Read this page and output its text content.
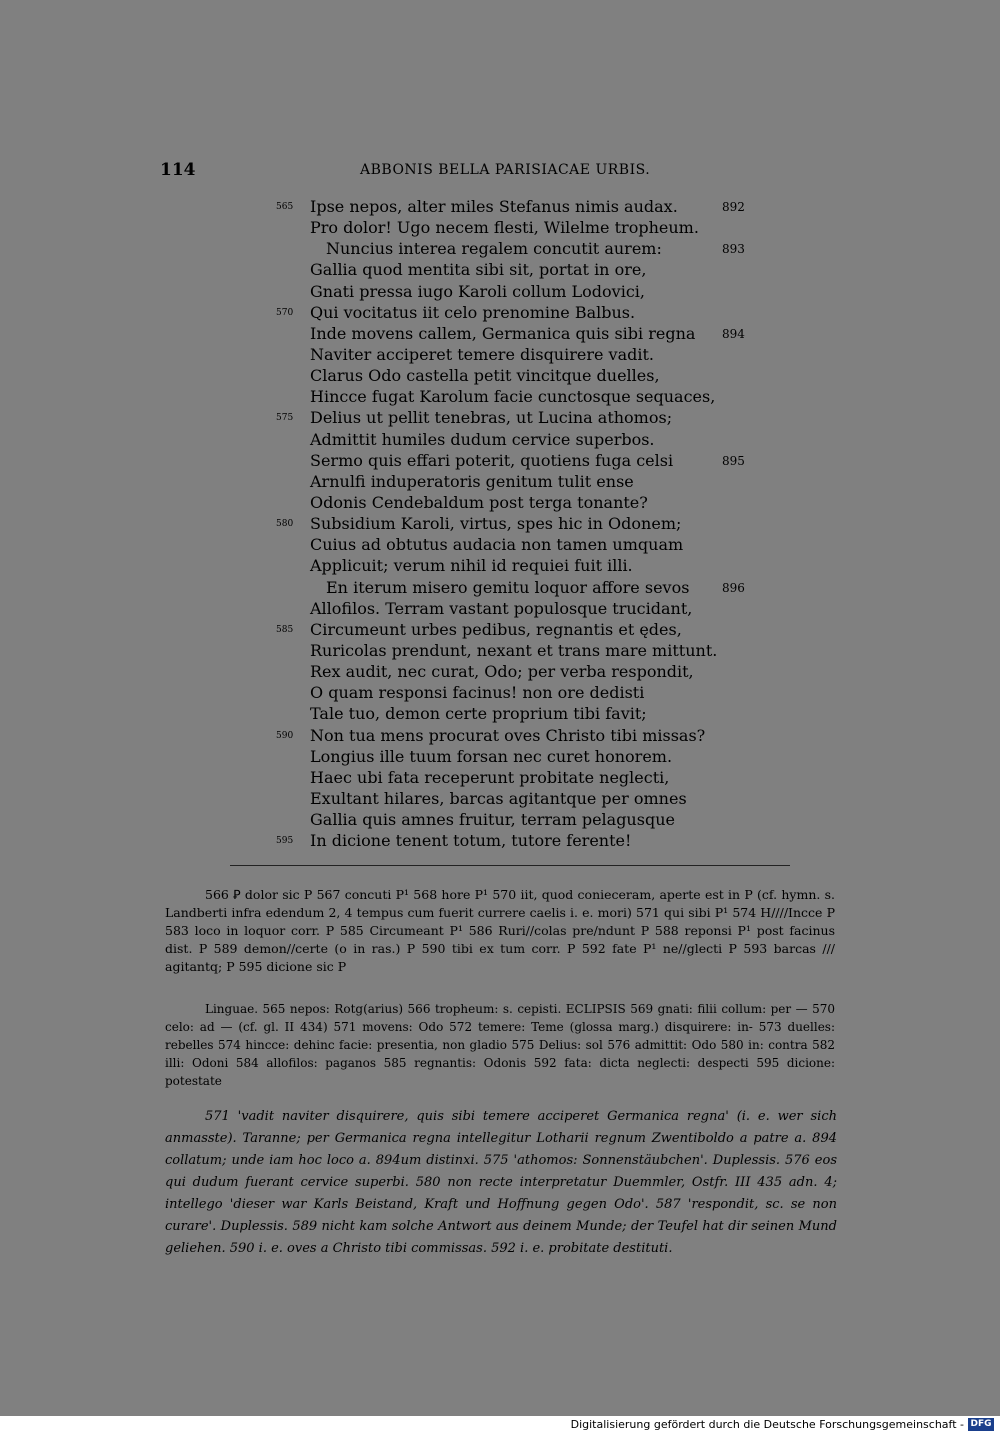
114	ABBONIS BELLA PARISIACAE URBIS.
565 Ipse nepos, alter miles Stefanus nimis audax.	892
Pro dolor! Ugo necem flesti, Wilelme tropheum.
Nuncius interea regalem concutit aurem:	893
Gallia quod mentita sibi sit, portat in ore,
Gnati pressa iugo Karoli collum Lodovici,
570 Qui vocitatus iit celo prenomine Balbus.
Inde movens callem, Germanica quis sibi regna 894
Naviter acciperet temere disquirere vadit.
Clarus Odo castella petit vincitque duelles,
Hincce fugat Karolum facie cunctosque sequaces,
575 Delius ut pellit tenebras, ut Lucina athomos;
Admittit humiles dudum cervice superbos.
Sermo quis effari poterit, quotiens fuga celsi	895
Arnulfi induperatoris genitum tulit ense
Odonis Cendebaldum post terga tonante?
580 Subsidium Karoli, virtus, spes hic in Odonem;
Cuius ad obtutus audacia non tamen umquam
Applicuit; verum nihil id requiei fuit illi.
En iterum misero gemitu loquor affore sevos	896
Allofilos. Terram vastant populosque trucidant,
585 Circumeunt urbes pedibus, regnantis et ędes,
Ruricolas prendunt, nexant et trans mare mittunt.
Rex audit, nec curat, Odo; per verba respondit,
O quam responsi facinus! non ore dedisti
Tale tuo, demon certe proprium tibi favit;
590 Non tua mens procurat oves Christo tibi missas?
Longius ille tuum forsan nec curet honorem.
Haec ubi fata receperunt probitate neglecti,
Exultant hilares, barcas agitantque per omnes
Gallia quis amnes fruitur, terram pelagusque
595 In dicione tenent totum, tutore ferente!

566 Ꝑ dolor sic P 567 concuti P¹ 568 hore P¹ 570 iit, quod conieceram, aperte est in P (cf. hymn. s. Landberti infra edendum 2, 4 tempus cum fuerit currere caelis i. e. mori) 571 qui sibi P¹ 574 H////Incce P 583 loco in loquor corr. P 585 Circumeant P¹ 586 Ruri//colas pre/ndunt P 588 reponsi P¹ post facinus dist. P 589 demon//certe (o in ras.) P 590 tibi ex tum corr. P 592 fate P¹ ne//glecti P 593 barcas /// agitantq; P 595 dicione sic P

Linguae. 565 nepos: Rotg(arius) 566 tropheum: s. cepisti. ECLIPSIS 569 gnati: filii collum: per — 570 celo: ad — (cf. gl. II 434) 571 movens: Odo 572 temere: Teme (glossa marg.) disquirere: in- 573 duelles: rebelles 574 hincce: dehinc facie: presentia, non gladio 575 Delius: sol 576 admittit: Odo 580 in: contra 582 illi: Odoni 584 allofilos: paganos 585 regnantis: Odonis 592 fata: dicta neglecti: despecti 595 dicione: potestate

571 'vadit naviter disquirere, quis sibi temere acciperet Germanica regna' (i. e. wer sich anmasste). Taranne; per Germanica regna intellegitur Lotharii regnum Zwentiboldo a patre a. 894 collatum; unde iam hoc loco a. 894um distinxi. 575 'athomos: Sonnenstäubchen'. Duplessis. 576 eos qui dudum fuerant cervice superbi. 580 non recte interpretatur Duemmler, Ostfr. III 435 adn. 4; intellego 'dieser war Karls Beistand, Kraft und Hoffnung gegen Odo'. 587 'respondit, sc. se non curare'. Duplessis. 589 nicht kam solche Antwort aus deinem Munde; der Teufel hat dir seinen Mund geliehen. 590 i. e. oves a Christo tibi commissas. 592 i. e. probitate destituti.

Digitalisierung gefördert durch die Deutsche Forschungsgemeinschaft - DFG
